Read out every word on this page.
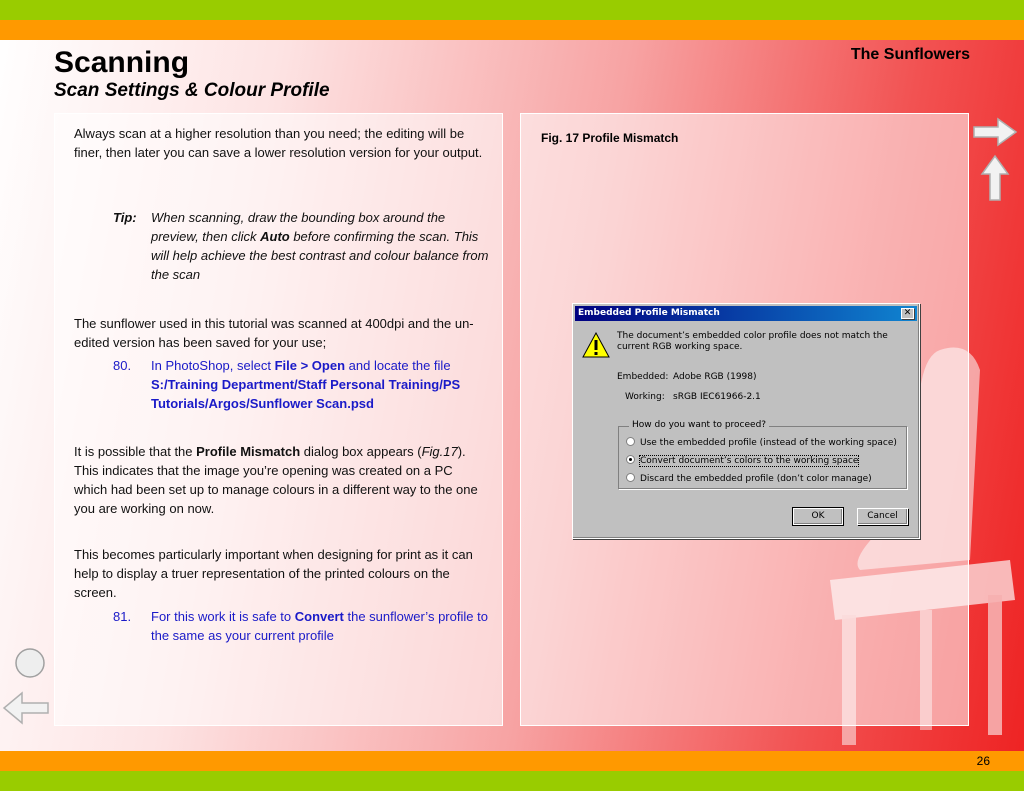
Scanning
Scan Settings & Colour Profile
The Sunflowers
Always scan at a higher resolution than you need; the editing will be finer, then later you can save a lower resolution version for your output.
Tip: When scanning, draw the bounding box around the preview, then click Auto before confirming the scan. This will help achieve the best contrast and colour balance from the scan
The sunflower used in this tutorial was scanned at 400dpi and the un-edited version has been saved for your use;
80. In PhotoShop, select File > Open and locate the file S:/Training Department/Staff Personal Training/PS Tutorials/Argos/Sunflower Scan.psd
It is possible that the Profile Mismatch dialog box appears (Fig.17). This indicates that the image you’re opening was created on a PC which had been set up to manage colours in a different way to the one you are working on now.
This becomes particularly important when designing for print as it can help to display a truer representation of the printed colours on the screen.
81. For this work it is safe to Convert the sunflower’s profile to the same as your current profile
Fig. 17 Profile Mismatch
Embedded Profile Mismatch	✕
The document’s embedded color profile does not match the current RGB working space.
Embedded: Adobe RGB (1998)
Working: sRGB IEC61966-2.1
How do you want to proceed?
Use the embedded profile (instead of the working space)
Convert document’s colors to the working space
Discard the embedded profile (don’t color manage)
OK	Cancel
26
